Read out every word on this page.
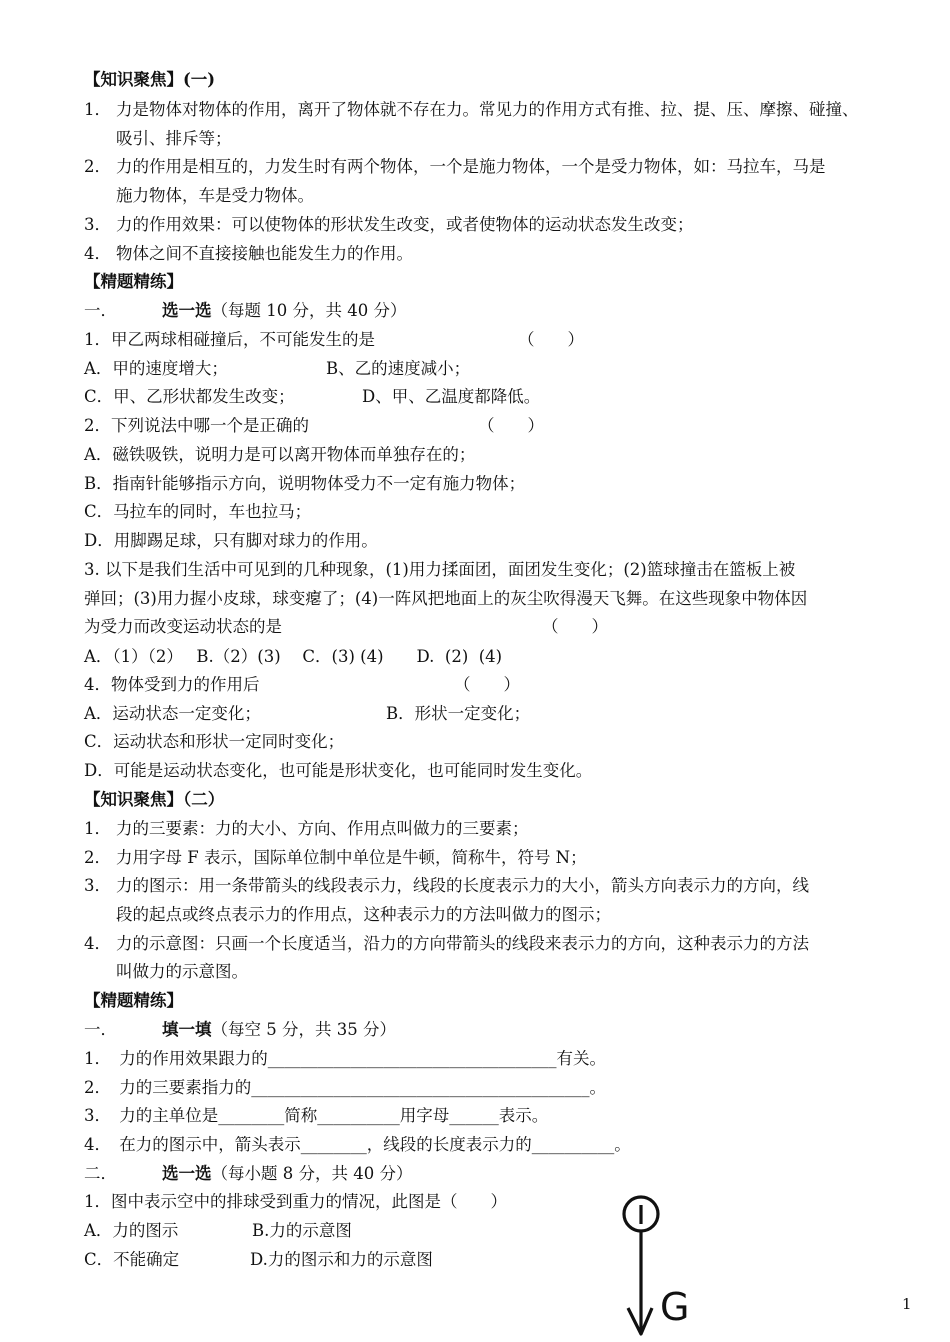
【知识聚焦】(一)
1． 力是物体对物体的作用，离开了物体就不存在力。常见力的作用方式有推、拉、提、压、摩擦、碰撞、
吸引、排斥等；
2． 力的作用是相互的，力发生时有两个物体，一个是施力物体，一个是受力物体，如：马拉车，马是
施力物体，车是受力物体。
3． 力的作用效果：可以使物体的形状发生改变，或者使物体的运动状态发生改变；
4． 物体之间不直接接触也能发生力的作用。
【精题精练】
一．	选一选（每题 10 分，共 40 分）
1．甲乙两球相碰撞后，不可能发生的是	（　　）
A．甲的速度增大；	B、乙的速度减小；
C．甲、乙形状都发生改变；	D、甲、乙温度都降低。
2．下列说法中哪一个是正确的	（　　）
A．磁铁吸铁，说明力是可以离开物体而单独存在的；
B．指南针能够指示方向，说明物体受力不一定有施力物体；
C．马拉车的同时，车也拉马；
D．用脚踢足球，只有脚对球力的作用。
3. 以下是我们生活中可见到的几种现象，(1)用力揉面团，面团发生变化；(2)篮球撞击在篮板上被
弹回；(3)用力握小皮球，球变瘪了；(4)一阵风把地面上的灰尘吹得漫天飞舞。在这些现象中物体因
为受力而改变运动状态的是	（　　）
A．（1）（2）　 B.（2）(3)　 C．(3) (4)　　D.  (2)  (4)
4．物体受到力的作用后	（　　）
A．运动状态一定变化；	B．形状一定变化；
C．运动状态和形状一定同时变化；
D．可能是运动状态变化，也可能是形状变化，也可能同时发生变化。
【知识聚焦】（二）
1． 力的三要素：力的大小、方向、作用点叫做力的三要素；
2． 力用字母 F 表示，国际单位制中单位是牛顿，简称牛，符号 N；
3． 力的图示：用一条带箭头的线段表示力，线段的长度表示力的大小，箭头方向表示力的方向，线
段的起点或终点表示力的作用点，这种表示力的方法叫做力的图示；
4． 力的示意图：只画一个长度适当，沿力的方向带箭头的线段来表示力的方向，这种表示力的方法
叫做力的示意图。
【精题精练】
一．	填一填（每空 5 分，共 35 分）
1．　力的作用效果跟力的___________________________________有关。
2．　力的三要素指力的_________________________________________。
3．　力的主单位是________简称__________用字母______表示。
4．　在力的图示中，箭头表示________，线段的长度表示力的__________。
二．	选一选（每小题 8 分，共 40 分）
1．图中表示空中的排球受到重力的情况，此图是（　　）
A．力的图示	B.力的示意图
C．不能确定	D.力的图示和力的示意图
G	1
